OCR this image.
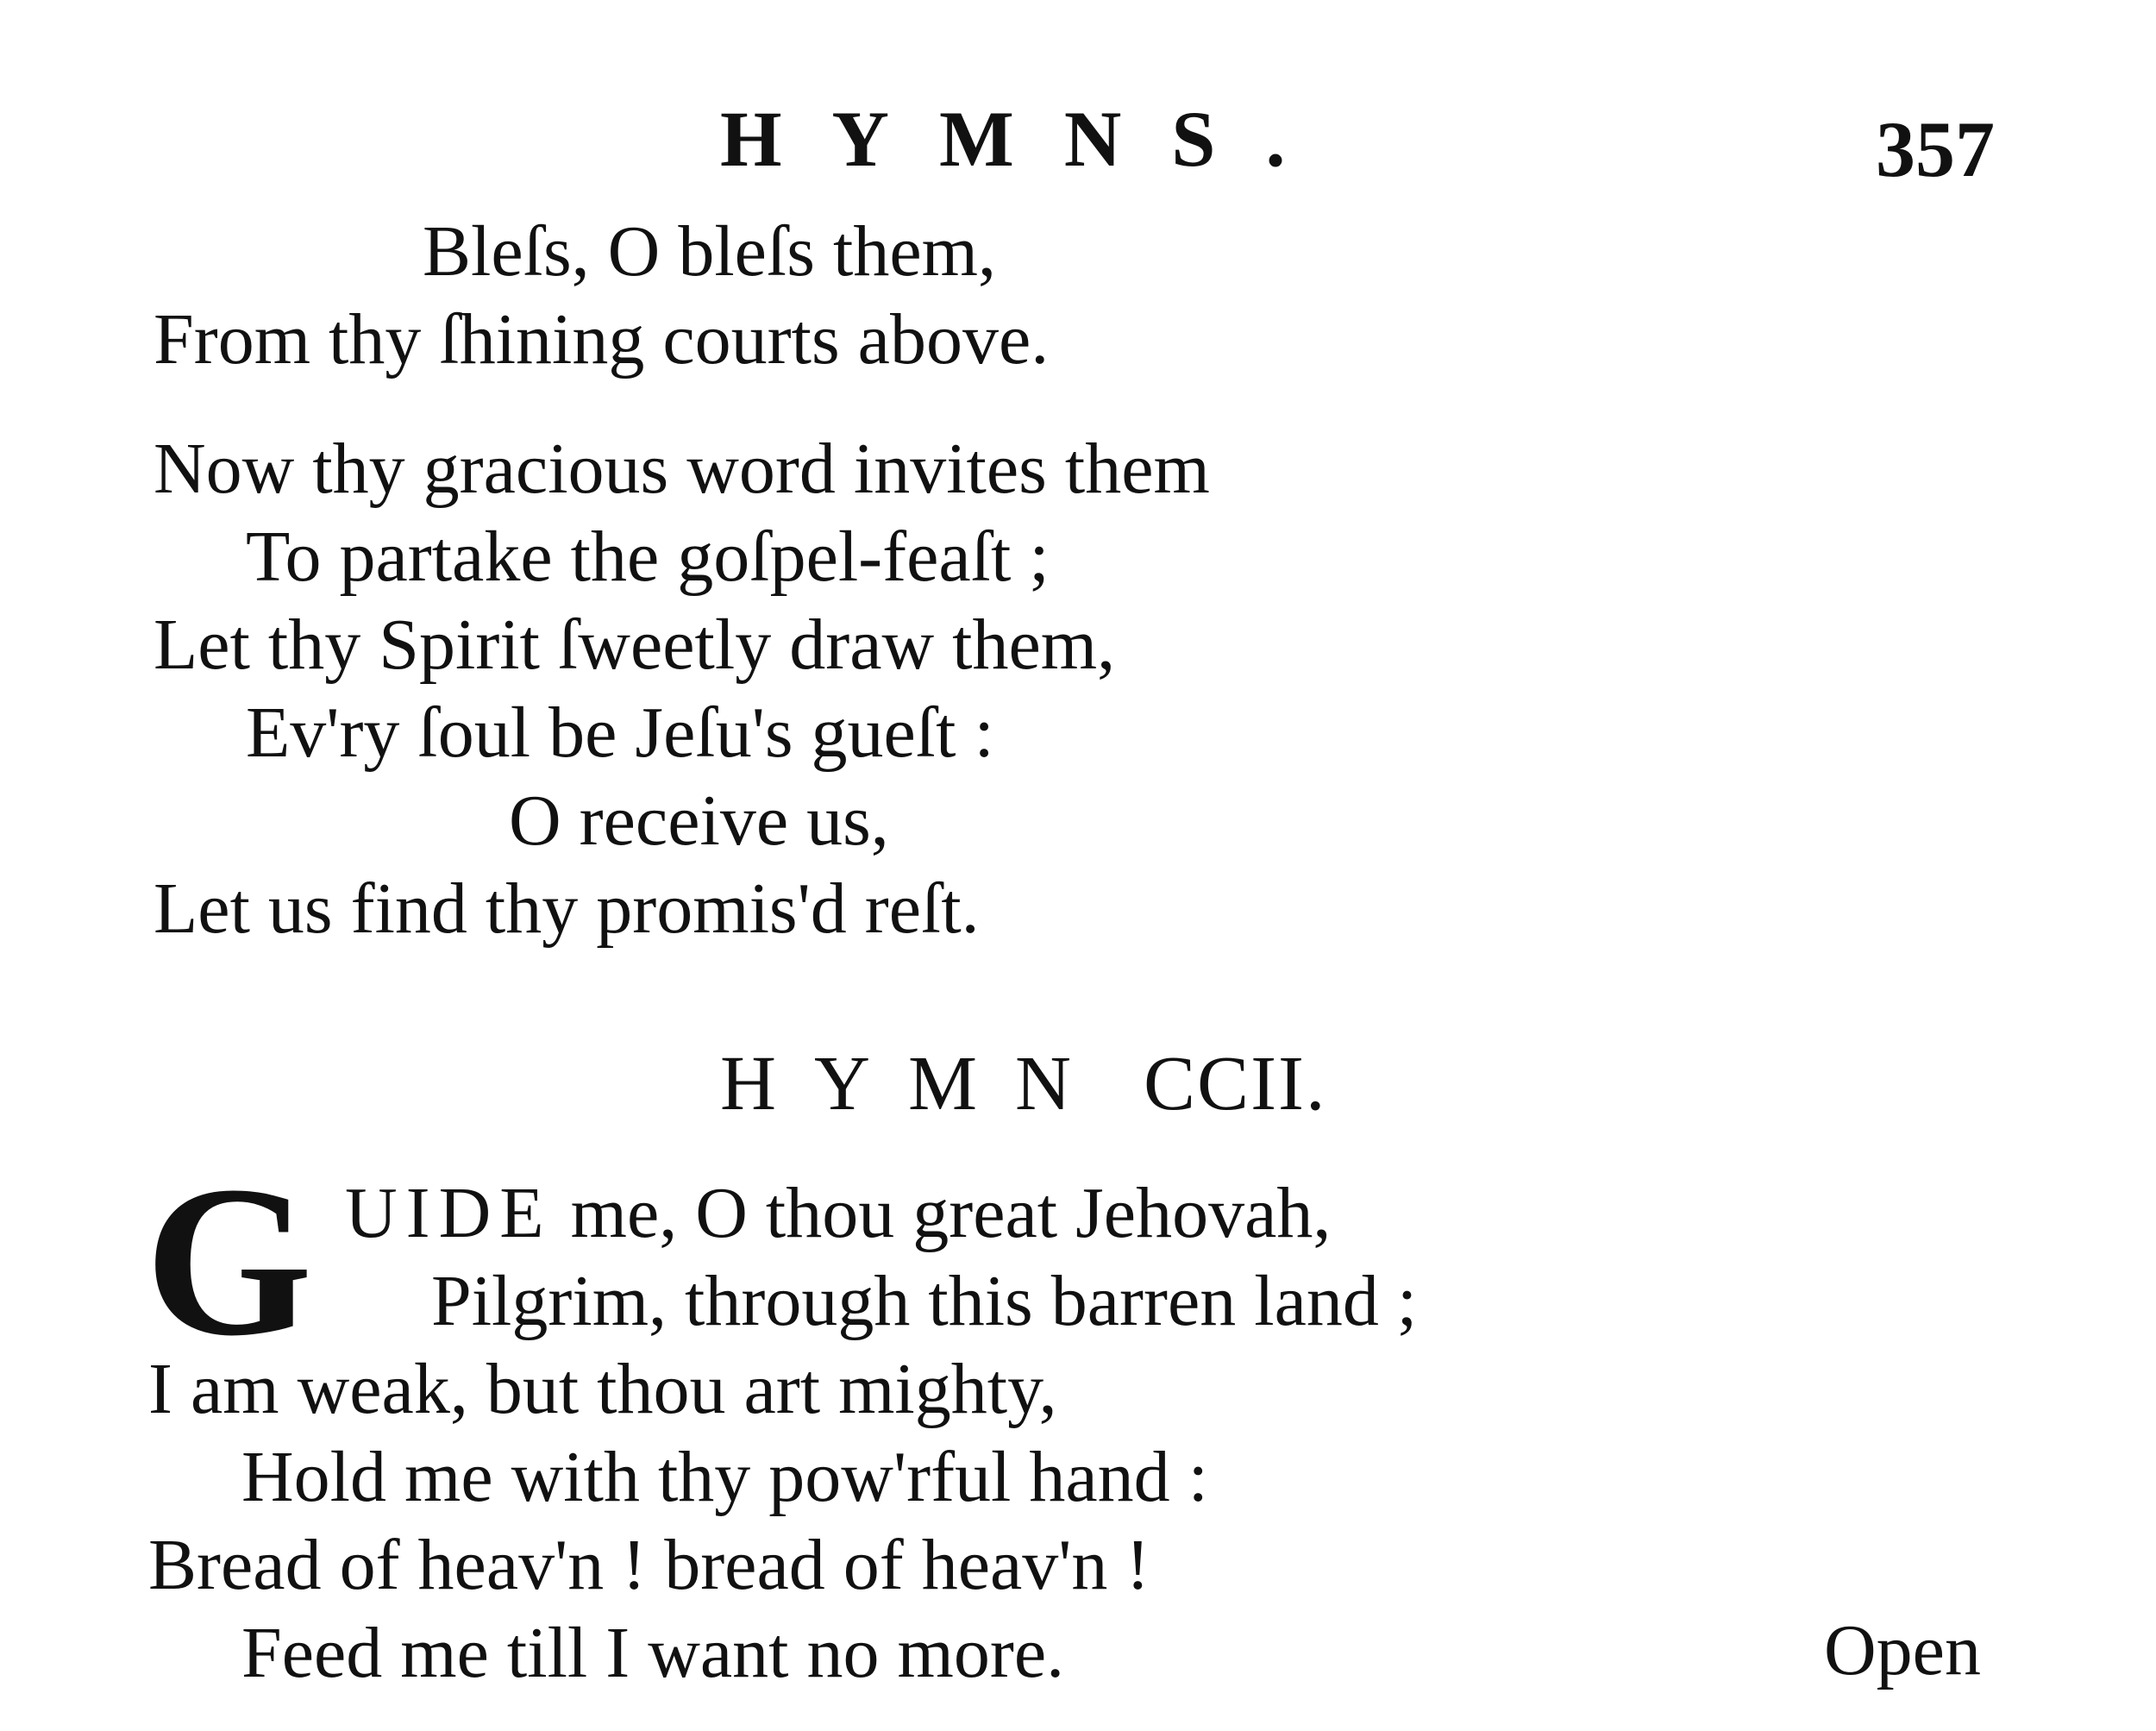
HYMNS.	357
Bleſs, O bleſs them,
From thy ſhining courts above.
Now thy gracious word invites them
To partake the goſpel-feaſt ;
Let thy Spirit ſweetly draw them,
Ev'ry ſoul be Jeſu's gueſt :
O receive us,
Let us find thy promis'd reſt.
HYMN CCII.
G UIDE me, O thou great Jehovah,
Pilgrim, through this barren land ;
I am weak, but thou art mighty,
Hold me with thy pow'rful hand :
Bread of heav'n ! bread of heav'n !
Feed me till I want no more.	Open
